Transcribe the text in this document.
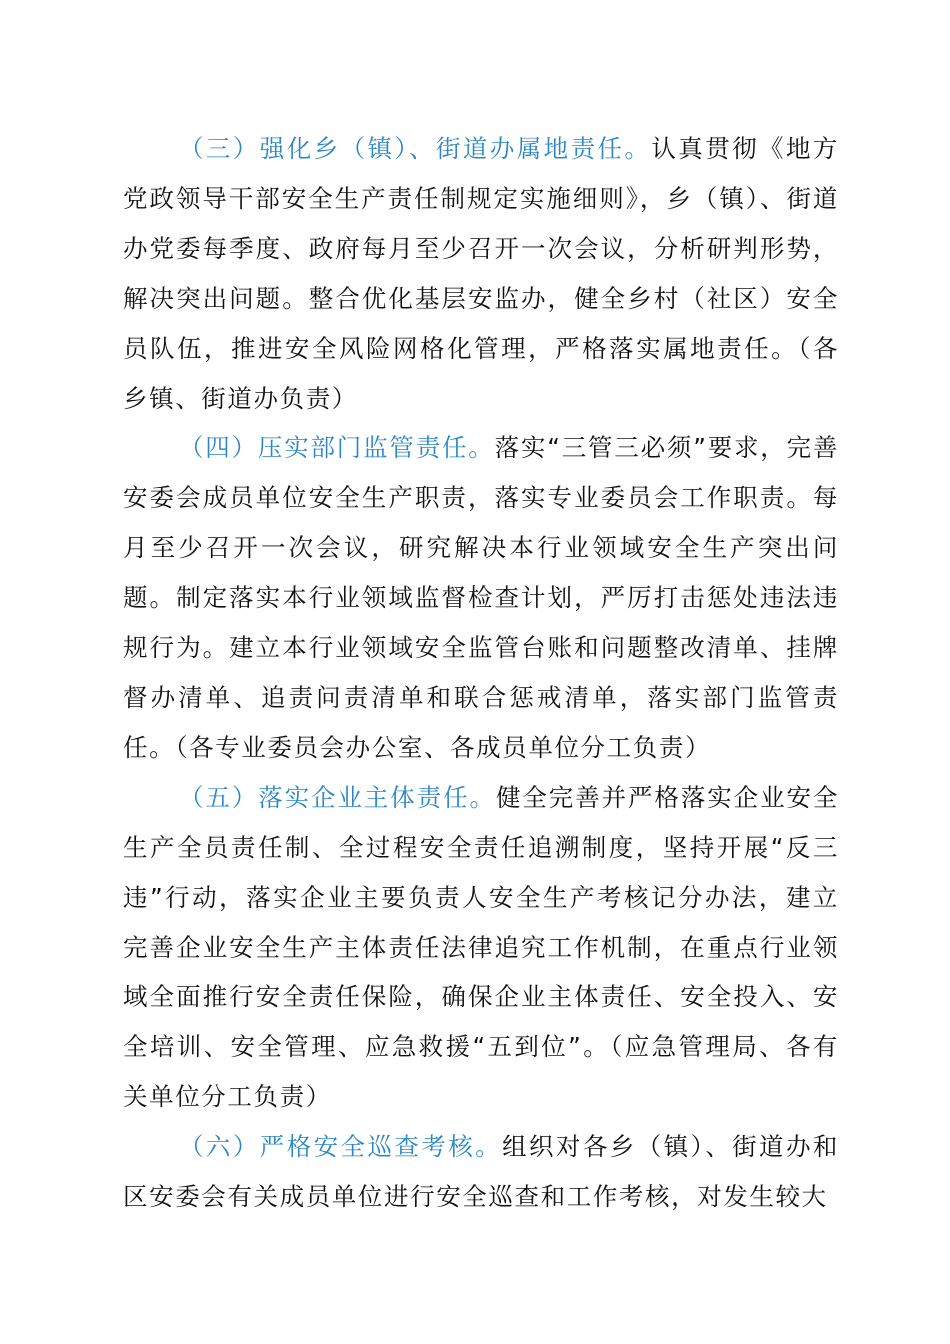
（三）强化乡（镇）、街道办属地责任。认真贯彻《地方党政领导干部安全生产责任制规定实施细则》，乡（镇）、街道办党委每季度、政府每月至少召开一次会议，分析研判形势，解决突出问题。整合优化基层安监办，健全乡村（社区）安全员队伍，推进安全风险网格化管理，严格落实属地责任。（各乡镇、街道办负责）

（四）压实部门监管责任。落实“三管三必须”要求，完善安委会成员单位安全生产职责，落实专业委员会工作职责。每月至少召开一次会议，研究解决本行业领域安全生产突出问题。制定落实本行业领域监督检查计划，严厉打击惩处违法违规行为。建立本行业领域安全监管台账和问题整改清单、挂牌督办清单、追责问责清单和联合惩戒清单，落实部门监管责任。（各专业委员会办公室、各成员单位分工负责）

（五）落实企业主体责任。健全完善并严格落实企业安全生产全员责任制、全过程安全责任追溯制度，坚持开展“反三违”行动，落实企业主要负责人安全生产考核记分办法，建立完善企业安全生产主体责任法律追究工作机制，在重点行业领域全面推行安全责任保险，确保企业主体责任、安全投入、安全培训、安全管理、应急救援“五到位”。（应急管理局、各有关单位分工负责）

（六）严格安全巡查考核。组织对各乡（镇）、街道办和区安委会有关成员单位进行安全巡查和工作考核，对发生较大
